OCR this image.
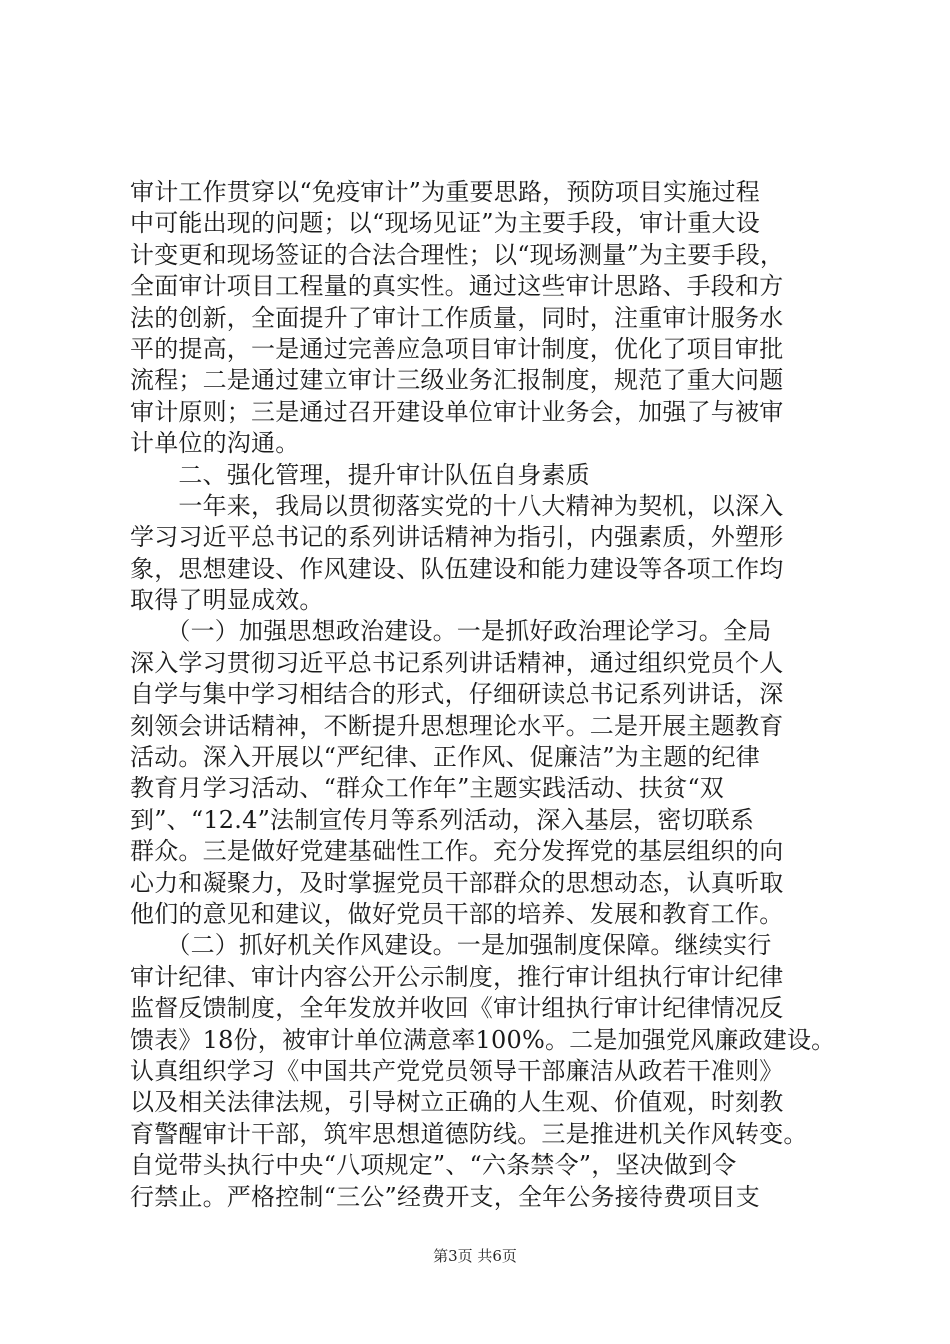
审计工作贯穿以“免疫审计”为重要思路，预防项目实施过程
中可能出现的问题；以“现场见证”为主要手段，审计重大设
计变更和现场签证的合法合理性；以“现场测量”为主要手段，
全面审计项目工程量的真实性。通过这些审计思路、手段和方
法的创新，全面提升了审计工作质量，同时，注重审计服务水
平的提高，一是通过完善应急项目审计制度，优化了项目审批
流程；二是通过建立审计三级业务汇报制度，规范了重大问题
审计原则；三是通过召开建设单位审计业务会，加强了与被审
计单位的沟通。
　　二、强化管理，提升审计队伍自身素质
　　一年来，我局以贯彻落实党的十八大精神为契机，以深入
学习习近平总书记的系列讲话精神为指引，内强素质，外塑形
象，思想建设、作风建设、队伍建设和能力建设等各项工作均
取得了明显成效。
　　（一）加强思想政治建设。一是抓好政治理论学习。全局
深入学习贯彻习近平总书记系列讲话精神，通过组织党员个人
自学与集中学习相结合的形式，仔细研读总书记系列讲话，深
刻领会讲话精神，不断提升思想理论水平。二是开展主题教育
活动。深入开展以“严纪律、正作风、促廉洁”为主题的纪律
教育月学习活动、“群众工作年”主题实践活动、扶贫“双
到”、“12.4”法制宣传月等系列活动，深入基层，密切联系
群众。三是做好党建基础性工作。充分发挥党的基层组织的向
心力和凝聚力，及时掌握党员干部群众的思想动态，认真听取
他们的意见和建议，做好党员干部的培养、发展和教育工作。
　　（二）抓好机关作风建设。一是加强制度保障。继续实行
审计纪律、审计内容公开公示制度，推行审计组执行审计纪律
监督反馈制度，全年发放并收回《审计组执行审计纪律情况反
馈表》18份，被审计单位满意率100%。二是加强党风廉政建设。
认真组织学习《中国共产党党员领导干部廉洁从政若干准则》
以及相关法律法规，引导树立正确的人生观、价值观，时刻教
育警醒审计干部，筑牢思想道德防线。三是推进机关作风转变。
自觉带头执行中央“八项规定”、“六条禁令”，坚决做到令
行禁止。严格控制“三公”经费开支，全年公务接待费项目支
第3页 共6页
